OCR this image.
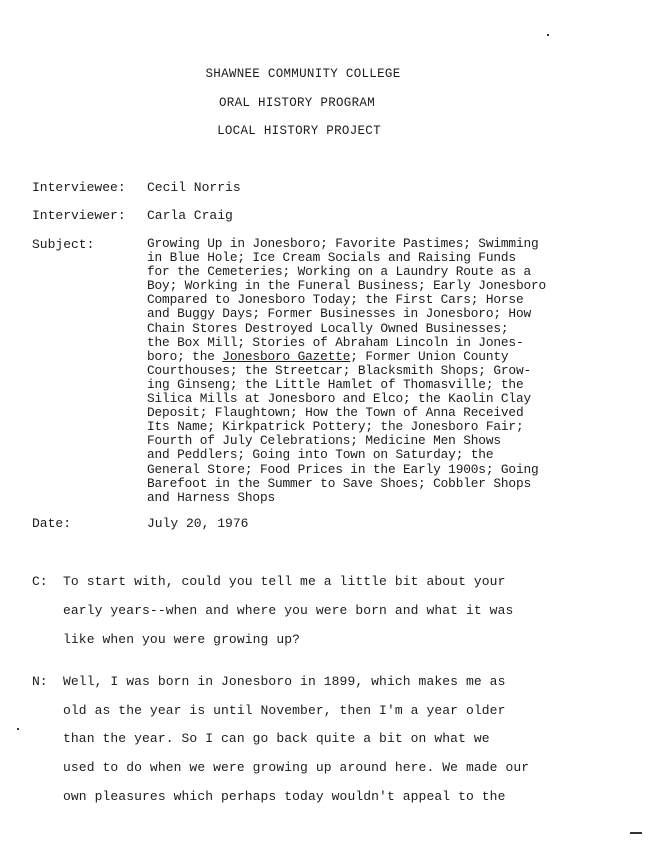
SHAWNEE COMMUNITY COLLEGE
ORAL HISTORY PROGRAM
LOCAL HISTORY PROJECT
Interviewee: Cecil Norris
Interviewer: Carla Craig
Subject:	Growing Up in Jonesboro; Favorite Pastimes; Swimming
in Blue Hole; Ice Cream Socials and Raising Funds
for the Cemeteries; Working on a Laundry Route as a
Boy; Working in the Funeral Business; Early Jonesboro
Compared to Jonesboro Today; the First Cars; Horse
and Buggy Days; Former Businesses in Jonesboro; How
Chain Stores Destroyed Locally Owned Businesses;
the Box Mill; Stories of Abraham Lincoln in Jones-
boro; the Jonesboro Gazette; Former Union County
Courthouses; the Streetcar; Blacksmith Shops; Grow-
ing Ginseng; the Little Hamlet of Thomasville; the
Silica Mills at Jonesboro and Elco; the Kaolin Clay
Deposit; Flaughtown; How the Town of Anna Received
Its Name; Kirkpatrick Pottery; the Jonesboro Fair;
Fourth of July Celebrations; Medicine Men Shows
and Peddlers; Going into Town on Saturday; the
General Store; Food Prices in the Early 1900s; Going
Barefoot in the Summer to Save Shoes; Cobbler Shops
and Harness Shops
Date:	July 20, 1976
C: To start with, could you tell me a little bit about your
early years--when and where you were born and what it was
like when you were growing up?
N: Well, I was born in Jonesboro in 1899, which makes me as
old as the year is until November, then I'm a year older
than the year. So I can go back quite a bit on what we
used to do when we were growing up around here. We made our
own pleasures which perhaps today wouldn't appeal to the
